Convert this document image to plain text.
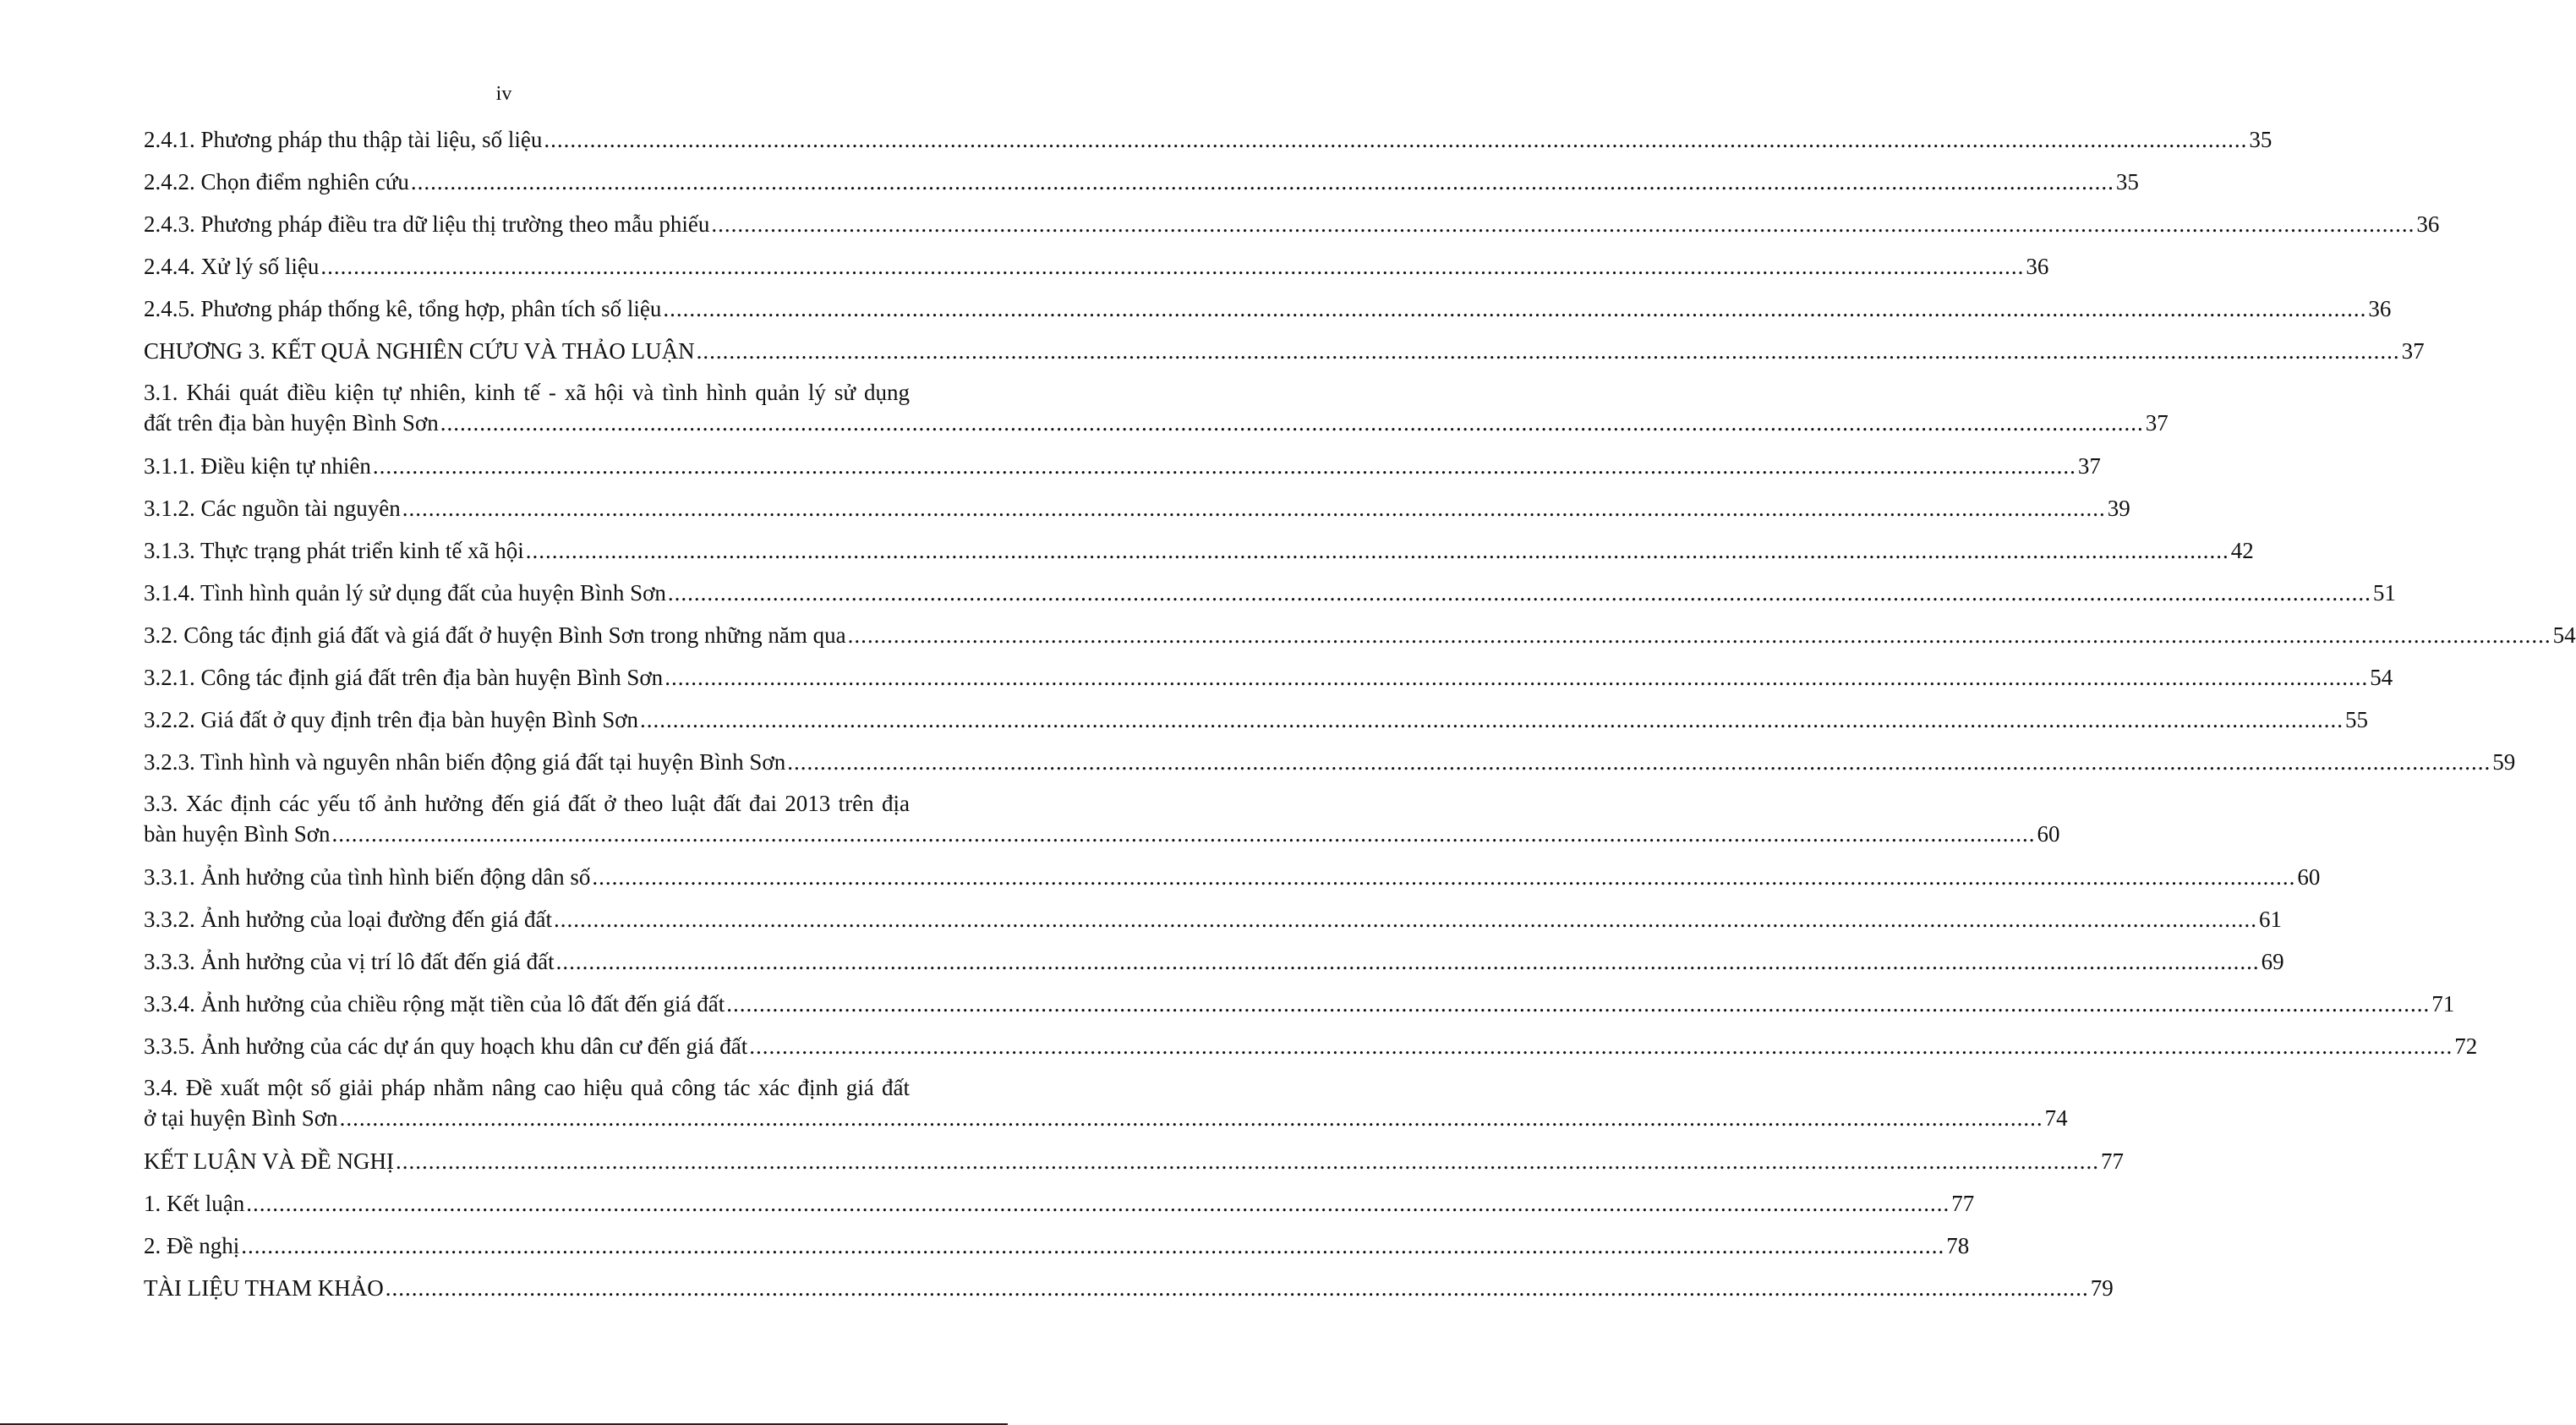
iv
2.4.1. Phương pháp thu thập tài liệu, số liệu .................................................................................................................................................................................................................................................................... 35
2.4.2. Chọn điểm nghiên cứu .................................................................................................................................................................................................................................................................... 35
2.4.3. Phương pháp điều tra dữ liệu thị trường theo mẫu phiếu .................................................................................................................................................................................................................................................................... 36
2.4.4. Xử lý số liệu .................................................................................................................................................................................................................................................................... 36
2.4.5. Phương pháp thống kê, tổng hợp, phân tích số liệu .................................................................................................................................................................................................................................................................... 36
CHƯƠNG 3. KẾT QUẢ NGHIÊN CỨU VÀ THẢO LUẬN .................................................................................................................................................................................................................................................................... 37
3.1. Khái quát điều kiện tự nhiên, kinh tế - xã hội và tình hình quản lý sử dụng
đất trên địa bàn huyện Bình Sơn .................................................................................................................................................................................................................................................................... 37
3.1.1. Điều kiện tự nhiên .................................................................................................................................................................................................................................................................... 37
3.1.2. Các nguồn tài nguyên .................................................................................................................................................................................................................................................................... 39
3.1.3. Thực trạng phát triển kinh tế xã hội .................................................................................................................................................................................................................................................................... 42
3.1.4. Tình hình quản lý sử dụng đất của huyện Bình Sơn .................................................................................................................................................................................................................................................................... 51
3.2. Công tác định giá đất và giá đất ở huyện Bình Sơn trong những năm qua .................................................................................................................................................................................................................................................................... 54
3.2.1. Công tác định giá đất trên địa bàn huyện Bình Sơn .................................................................................................................................................................................................................................................................... 54
3.2.2. Giá đất ở quy định trên địa bàn huyện Bình Sơn .................................................................................................................................................................................................................................................................... 55
3.2.3. Tình hình và nguyên nhân biến động giá đất tại huyện Bình Sơn .................................................................................................................................................................................................................................................................... 59
3.3. Xác định các yếu tố ảnh hưởng đến giá đất ở theo luật đất đai 2013 trên địa
bàn huyện Bình Sơn .................................................................................................................................................................................................................................................................... 60
3.3.1. Ảnh hưởng của tình hình biến động dân số .................................................................................................................................................................................................................................................................... 60
3.3.2. Ảnh hưởng của loại đường đến giá đất .................................................................................................................................................................................................................................................................... 61
3.3.3. Ảnh hưởng của vị trí lô đất đến giá đất .................................................................................................................................................................................................................................................................... 69
3.3.4. Ảnh hưởng của chiều rộng mặt tiền của lô đất đến giá đất .................................................................................................................................................................................................................................................................... 71
3.3.5. Ảnh hưởng của các dự án quy hoạch khu dân cư đến giá đất .................................................................................................................................................................................................................................................................... 72
3.4. Đề xuất một số giải pháp nhằm nâng cao hiệu quả công tác xác định giá đất
ở tại huyện Bình Sơn .................................................................................................................................................................................................................................................................... 74
KẾT LUẬN VÀ ĐỀ NGHỊ .................................................................................................................................................................................................................................................................... 77
1. Kết luận .................................................................................................................................................................................................................................................................... 77
2. Đề nghị .................................................................................................................................................................................................................................................................... 78
TÀI LIỆU THAM KHẢO .................................................................................................................................................................................................................................................................... 79
